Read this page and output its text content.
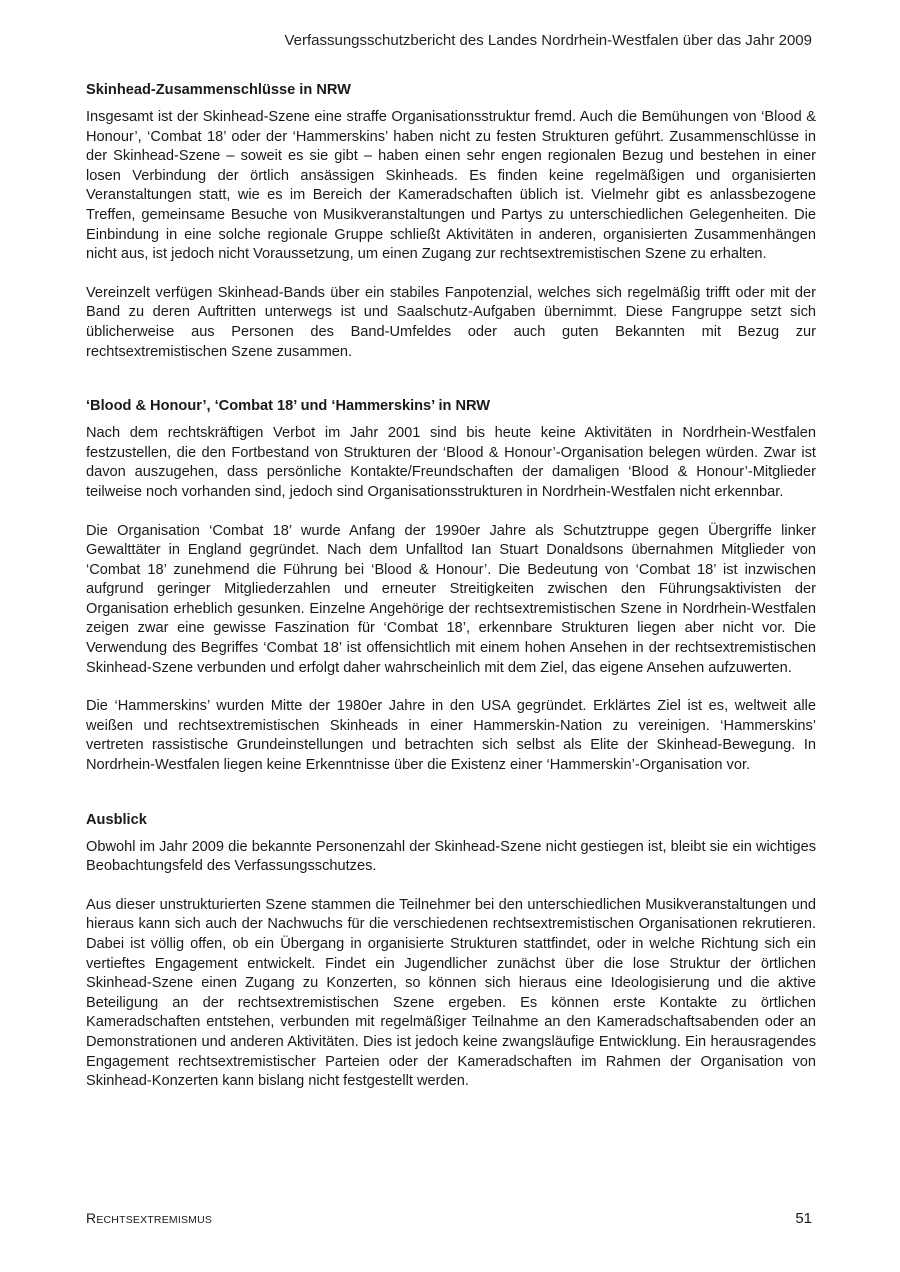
Verfassungsschutzbericht des Landes Nordrhein-Westfalen über das Jahr 2009
Skinhead-Zusammenschlüsse in NRW

Insgesamt ist der Skinhead-Szene eine straffe Organisationsstruktur fremd. Auch die Bemühungen von ‘Blood & Honour’, ‘Combat 18’ oder der ‘Hammerskins’ haben nicht zu festen Strukturen geführt. Zusammenschlüsse in der Skinhead-Szene – soweit es sie gibt – haben einen sehr engen regionalen Bezug und bestehen in einer losen Verbindung der örtlich ansässigen Skinheads. Es finden keine regelmäßigen und organisierten Veranstaltungen statt, wie es im Bereich der Kameradschaften üblich ist. Vielmehr gibt es anlassbezogene Treffen, gemeinsame Besuche von Musikveranstaltungen und Partys zu unterschiedlichen Gelegenheiten. Die Einbindung in eine solche regionale Gruppe schließt Aktivitäten in anderen, organisierten Zusammenhängen nicht aus, ist jedoch nicht Voraussetzung, um einen Zugang zur rechtsextremistischen Szene zu erhalten.

Vereinzelt verfügen Skinhead-Bands über ein stabiles Fanpotenzial, welches sich regelmäßig trifft oder mit der Band zu deren Auftritten unterwegs ist und Saalschutz-Aufgaben übernimmt. Diese Fangruppe setzt sich üblicherweise aus Personen des Band-Umfeldes oder auch guten Bekannten mit Bezug zur rechtsextremistischen Szene zusammen.

‘Blood & Honour’, ‘Combat 18’ und ‘Hammerskins’ in NRW

Nach dem rechtskräftigen Verbot im Jahr 2001 sind bis heute keine Aktivitäten in Nordrhein-Westfalen festzustellen, die den Fortbestand von Strukturen der ‘Blood & Honour’-Organisation belegen würden. Zwar ist davon auszugehen, dass persönliche Kontakte/Freundschaften der damaligen ‘Blood & Honour’-Mitglieder teilweise noch vorhanden sind, jedoch sind Organisationsstrukturen in Nordrhein-Westfalen nicht erkennbar.

Die Organisation ‘Combat 18’ wurde Anfang der 1990er Jahre als Schutztruppe gegen Übergriffe linker Gewalttäter in England gegründet. Nach dem Unfalltod Ian Stuart Donaldsons übernahmen Mitglieder von ‘Combat 18’ zunehmend die Führung bei ‘Blood & Honour’. Die Bedeutung von ‘Combat 18’ ist inzwischen aufgrund geringer Mitgliederzahlen und erneuter Streitigkeiten zwischen den Führungsaktivisten der Organisation erheblich gesunken. Einzelne Angehörige der rechtsextremistischen Szene in Nordrhein-Westfalen zeigen zwar eine gewisse Faszination für ‘Combat 18’, erkennbare Strukturen liegen aber nicht vor. Die Verwendung des Begriffes ‘Combat 18’ ist offensichtlich mit einem hohen Ansehen in der rechtsextremistischen Skinhead-Szene verbunden und erfolgt daher wahrscheinlich mit dem Ziel, das eigene Ansehen aufzuwerten.

Die ‘Hammerskins’ wurden Mitte der 1980er Jahre in den USA gegründet. Erklärtes Ziel ist es, weltweit alle weißen und rechtsextremistischen Skinheads in einer Hammerskin-Nation zu vereinigen. ‘Hammerskins’ vertreten rassistische Grundeinstellungen und betrachten sich selbst als Elite der Skinhead-Bewegung. In Nordrhein-Westfalen liegen keine Erkenntnisse über die Existenz einer ‘Hammerskin’-Organisation vor.

Ausblick

Obwohl im Jahr 2009 die bekannte Personenzahl der Skinhead-Szene nicht gestiegen ist, bleibt sie ein wichtiges Beobachtungsfeld des Verfassungsschutzes.

Aus dieser unstrukturierten Szene stammen die Teilnehmer bei den unterschiedlichen Musikveranstaltungen und hieraus kann sich auch der Nachwuchs für die verschiedenen rechtsextremistischen Organisationen rekrutieren. Dabei ist völlig offen, ob ein Übergang in organisierte Strukturen stattfindet, oder in welche Richtung sich ein vertieftes Engagement entwickelt. Findet ein Jugendlicher zunächst über die lose Struktur der örtlichen Skinhead-Szene einen Zugang zu Konzerten, so können sich hieraus eine Ideologisierung und die aktive Beteiligung an der rechtsextremistischen Szene ergeben. Es können erste Kontakte zu örtlichen Kameradschaften entstehen, verbunden mit regelmäßiger Teilnahme an den Kameradschaftsabenden oder an Demonstrationen und anderen Aktivitäten. Dies ist jedoch keine zwangsläufige Entwicklung. Ein herausragendes Engagement rechtsextremistischer Parteien oder der Kameradschaften im Rahmen der Organisation von Skinhead-Konzerten kann bislang nicht festgestellt werden.

RECHTSEXTREMISMUS	51
